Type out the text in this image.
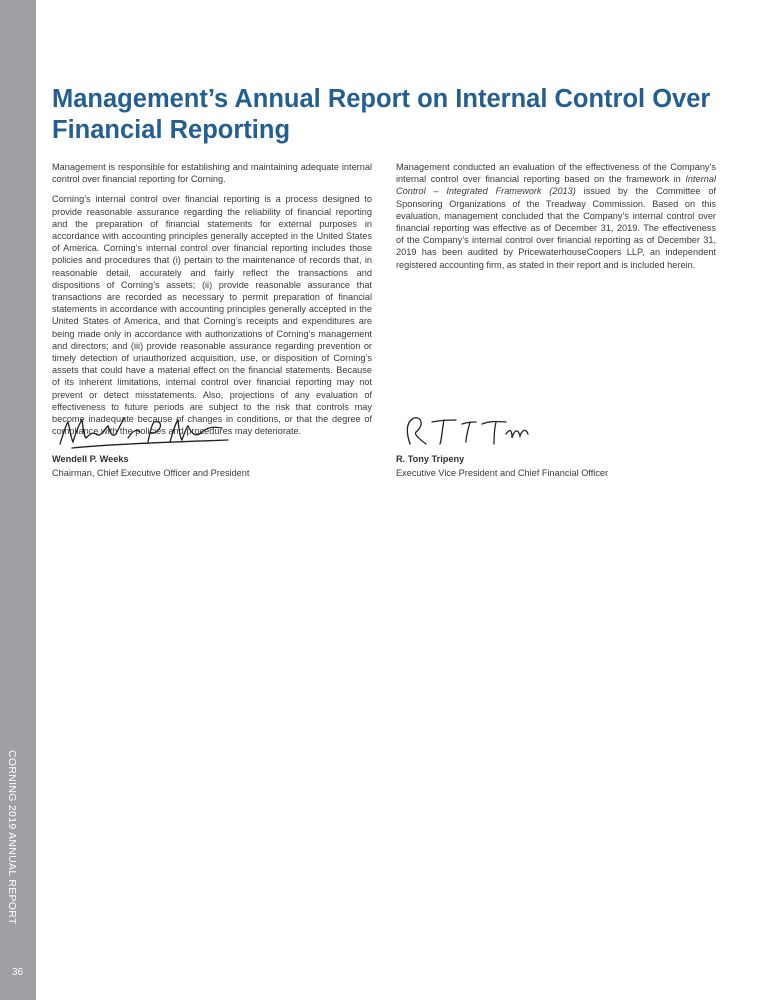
CORNING 2019 ANNUAL REPORT
36
Management’s Annual Report on Internal Control Over Financial Reporting

Management is responsible for establishing and maintaining adequate internal control over financial reporting for Corning.

Corning’s internal control over financial reporting is a process designed to provide reasonable assurance regarding the reliability of financial reporting and the preparation of financial statements for external purposes in accordance with accounting principles generally accepted in the United States of America. Corning’s internal control over financial reporting includes those policies and procedures that (i) pertain to the maintenance of records that, in reasonable detail, accurately and fairly reflect the transactions and dispositions of Corning’s assets; (ii) provide reasonable assurance that transactions are recorded as necessary to permit preparation of financial statements in accordance with accounting principles generally accepted in the United States of America, and that Corning’s receipts and expenditures are being made only in accordance with authorizations of Corning’s management and directors; and (iii) provide reasonable assurance regarding prevention or timely detection of unauthorized acquisition, use, or disposition of Corning’s assets that could have a material effect on the financial statements. Because of its inherent limitations, internal control over financial reporting may not prevent or detect misstatements. Also, projections of any evaluation of effectiveness to future periods are subject to the risk that controls may become inadequate because of changes in conditions, or that the degree of compliance with the policies and procedures may deteriorate.

Management conducted an evaluation of the effectiveness of the Company’s internal control over financial reporting based on the framework in Internal Control – Integrated Framework (2013) issued by the Committee of Sponsoring Organizations of the Treadway Commission. Based on this evaluation, management concluded that the Company’s internal control over financial reporting was effective as of December 31, 2019. The effectiveness of the Company’s internal control over financial reporting as of December 31, 2019 has been audited by PricewaterhouseCoopers LLP, an independent registered accounting firm, as stated in their report and is included herein.

Wendell P. Weeks
Chairman, Chief Executive Officer and President
R. Tony Tripeny
Executive Vice President and Chief Financial Officer
